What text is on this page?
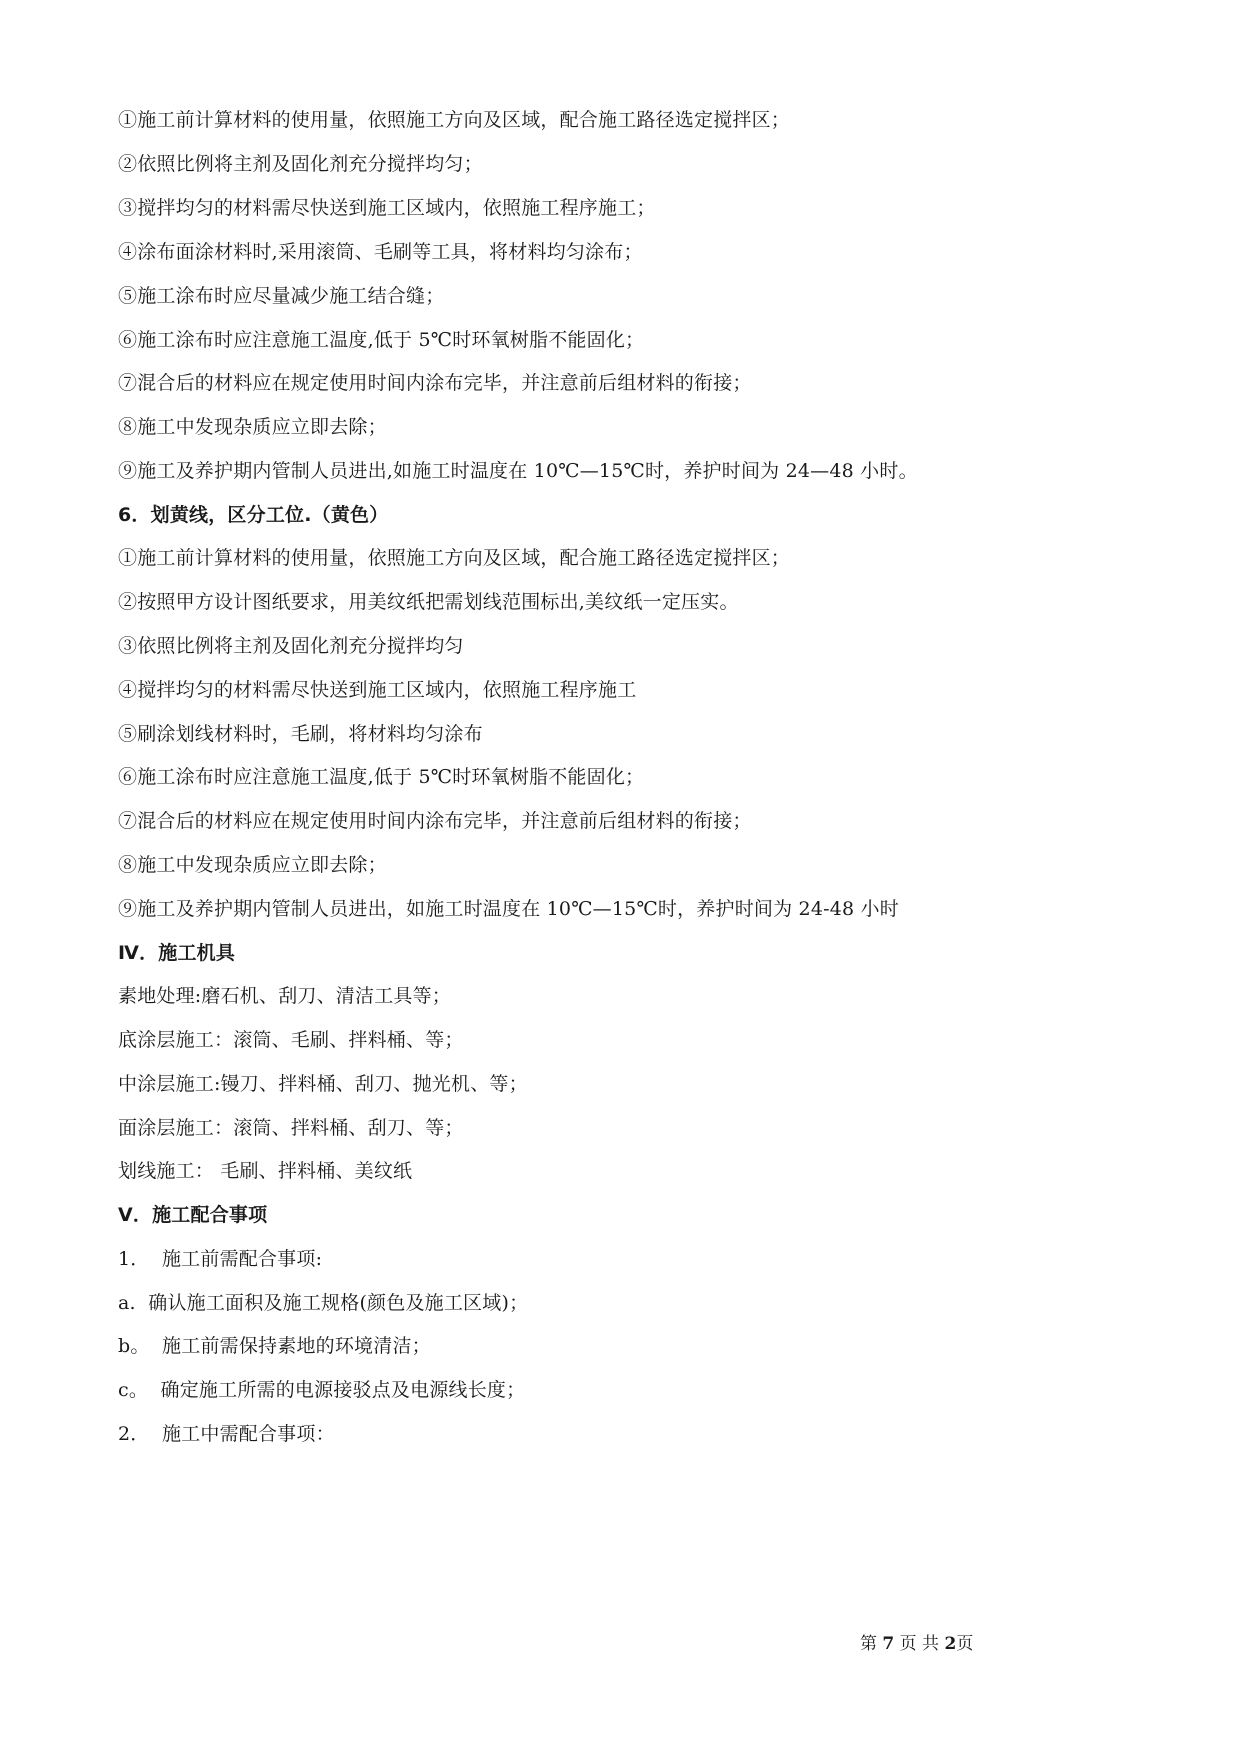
①施工前计算材料的使用量，依照施工方向及区域，配合施工路径选定搅拌区；

②依照比例将主剂及固化剂充分搅拌均匀；

③搅拌均匀的材料需尽快送到施工区域内，依照施工程序施工；

④涂布面涂材料时,采用滚筒、毛刷等工具，将材料均匀涂布；

⑤施工涂布时应尽量减少施工结合缝；

⑥施工涂布时应注意施工温度,低于 5℃时环氧树脂不能固化；

⑦混合后的材料应在规定使用时间内涂布完毕，并注意前后组材料的衔接；

⑧施工中发现杂质应立即去除；

⑨施工及养护期内管制人员进出,如施工时温度在 10℃—15℃时，养护时间为 24—48 小时。

6．划黄线，区分工位.（黄色）

①施工前计算材料的使用量，依照施工方向及区域，配合施工路径选定搅拌区；

②按照甲方设计图纸要求，用美纹纸把需划线范围标出,美纹纸一定压实。

③依照比例将主剂及固化剂充分搅拌均匀

④搅拌均匀的材料需尽快送到施工区域内，依照施工程序施工

⑤刷涂划线材料时，毛刷，将材料均匀涂布

⑥施工涂布时应注意施工温度,低于 5℃时环氧树脂不能固化；

⑦混合后的材料应在规定使用时间内涂布完毕，并注意前后组材料的衔接；

⑧施工中发现杂质应立即去除；

⑨施工及养护期内管制人员进出，如施工时温度在 10℃—15℃时，养护时间为 24-48 小时

Ⅳ．施工机具

素地处理:磨石机、刮刀、清洁工具等；

底涂层施工：滚筒、毛刷、拌料桶、等；

中涂层施工:镘刀、拌料桶、刮刀、抛光机、等；

面涂层施工：滚筒、拌料桶、刮刀、等；

划线施工： 毛刷、拌料桶、美纹纸

Ⅴ．施工配合事项

1．  施工前需配合事项:

a.  确认施工面积及施工规格(颜色及施工区域)；

b。  施工前需保持素地的环境清洁；

c。  确定施工所需的电源接驳点及电源线长度；

2．  施工中需配合事项：

第 7 页 共 2页
